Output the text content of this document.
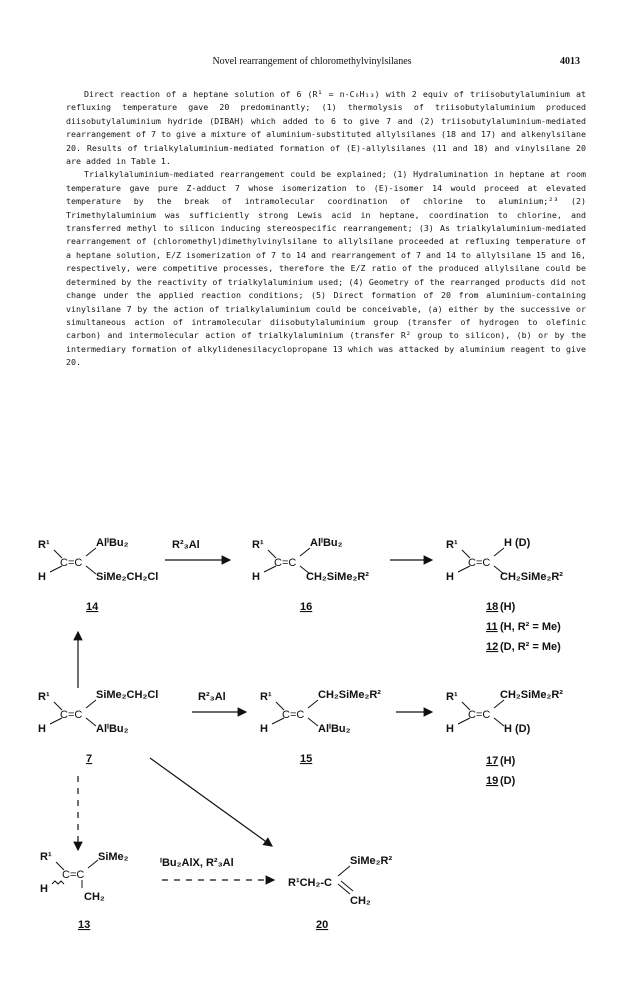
Novel rearrangement of chloromethylvinylsilanes	4013

Direct reaction of a heptane solution of 6 (R¹ = n-C₆H₁₃) with 2 equiv of triisobutylaluminium at refluxing temperature gave 20 predominantly; (1) thermolysis of triisobutylaluminium produced diisobutylaluminium hydride (DIBAH) which added to 6 to give 7 and (2) triisobutylaluminium-mediated rearrangement of 7 to give a mixture of aluminium-substituted allylsilanes (18 and 17) and alkenylsilane 20. Results of trialkylaluminium-mediated formation of (E)-allylsilanes (11 and 18) and vinylsilane 20 are added in Table 1.

Trialkylaluminium-mediated rearrangement could be explained; (1) Hydralumination in heptane at room temperature gave pure Z-adduct 7 whose isomerization to (E)-isomer 14 would proceed at elevated temperature by the break of intramolecular coordination of chlorine to aluminium;²³ (2) Trimethylaluminium was sufficiently strong Lewis acid in heptane, coordination to chlorine, and transferred methyl to silicon inducing stereospecific rearrangement; (3) As trialkylaluminium-mediated rearrangement of (chloromethyl)dimethylvinylsilane to allylsilane proceeded at refluxing temperature of a heptane solution, E/Z isomerization of 7 to 14 and rearrangement of 7 and 14 to allylsilane 15 and 16, respectively, were competitive processes, therefore the E/Z ratio of the produced allylsilane could be determined by the reactivity of trialkylaluminium used; (4) Geometry of the rearranged products did not change under the applied reaction conditions; (5) Direct formation of 20 from aluminium-containing vinylsilane 7 by the action of trialkylaluminium could be conceivable, (a) either by the successive or simultaneous action of intramolecular diisobutylaluminium group (transfer of hydrogen to olefinic carbon) and intermolecular action of trialkylaluminium (transfer R² group to silicon), (b) or by the intermediary formation of alkylidenesilacyclopropane 13 which was attacked by aluminium reagent to give 20.

R¹
H
C=C
AlⁱBu₂
SiMe₂CH₂Cl
14
R²₃Al	R¹
H
C=C
AlⁱBu₂
CH₂SiMe₂R²
16
R¹
H
C=C
H (D)
CH₂SiMe₂R²
18 (H)
11 (H, R² = Me)
12 (D, R² = Me)
R¹
H
C=C
SiMe₂CH₂Cl
AlⁱBu₂
7
R²₃Al	R¹
H
C=C
CH₂SiMe₂R²
AlⁱBu₂
15
R¹
H
C=C
CH₂SiMe₂R²
H (D)
17 (H)
19 (D)
R¹
H
C=C
SiMe₂
CH₂
13
ⁱBu₂AlX, R²₃Al
R¹CH₂-C
SiMe₂R²
CH₂
20
